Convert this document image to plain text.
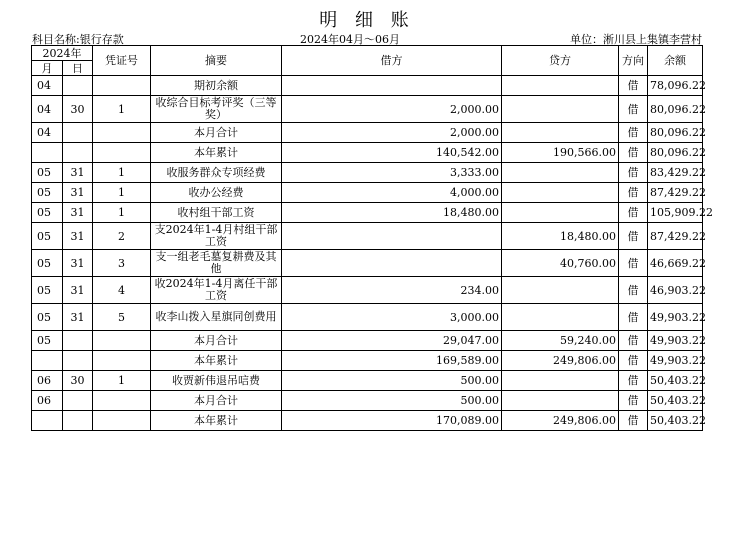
明 细 账
科目名称:银行存款	2024年04月～06月	单位：淅川县上集镇李营村
2024年		凭证号	摘要	借方	贷方	方向	余额
月	日						
04			期初余额			借	78,096.22
04	30	1	收综合目标考评奖（三等奖）	2,000.00		借	80,096.22
04			本月合计	2,000.00		借	80,096.22
			本年累计	140,542.00	190,566.00	借	80,096.22
05	31	1	收服务群众专项经费	3,333.00		借	83,429.22
05	31	1	收办公经费	4,000.00		借	87,429.22
05	31	1	收村组干部工资	18,480.00		借	105,909.22
05	31	2	支2024年1-4月村组干部工资		18,480.00	借	87,429.22
05	31	3	支一组老毛墓复耕费及其他		40,760.00	借	46,669.22
05	31	4	收2024年1-4月离任干部工资	234.00		借	46,903.22
05	31	5	收李山拨入星旗同创费用	3,000.00		借	49,903.22
05			本月合计	29,047.00	59,240.00	借	49,903.22
			本年累计	169,589.00	249,806.00	借	49,903.22
06	30	1	收贾新伟退吊唁费	500.00		借	50,403.22
06			本月合计	500.00		借	50,403.22
			本年累计	170,089.00	249,806.00	借	50,403.22
